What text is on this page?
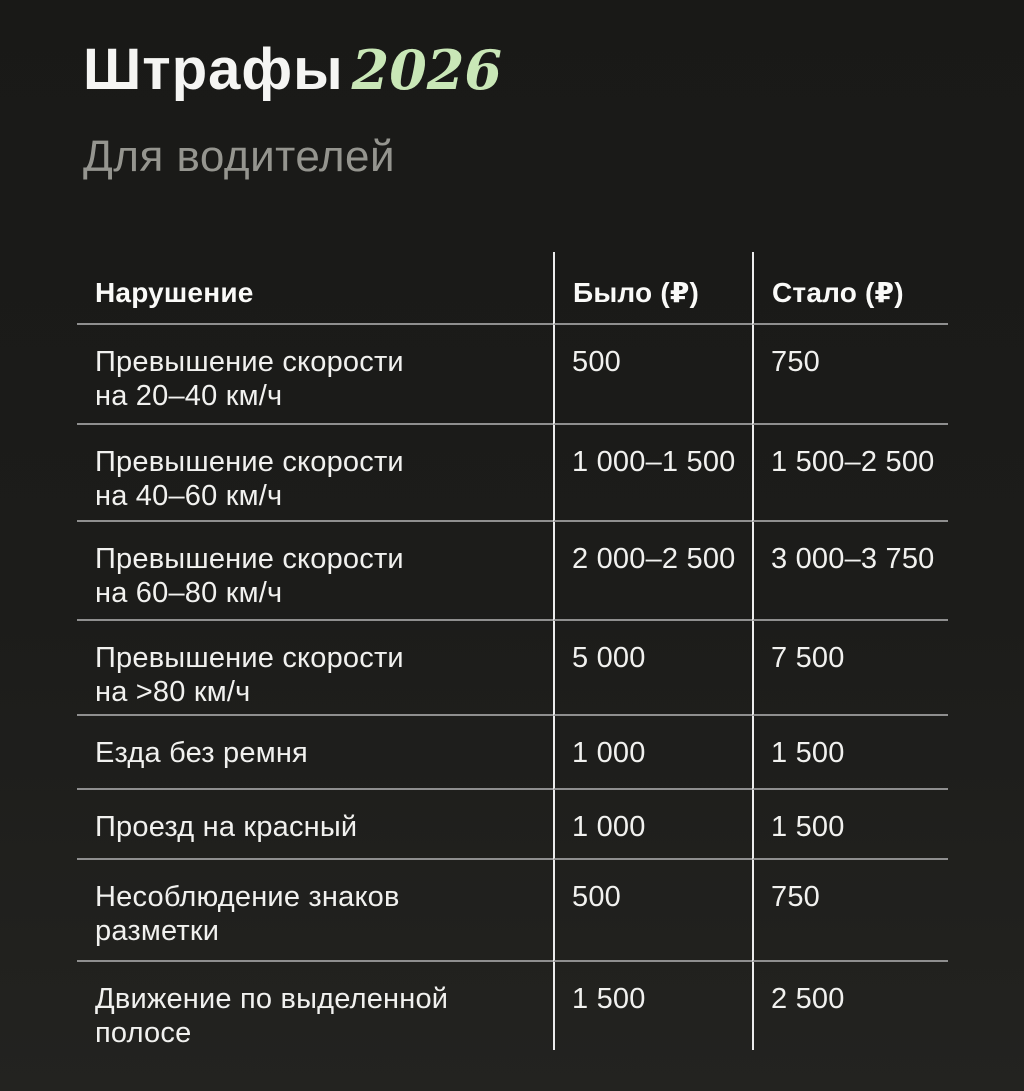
Штрафы 2026
Для водителей
Нарушение	Было (₽)	Стало (₽)
Превышение скорости
на 20–40 км/ч
500	750
Превышение скорости
на 40–60 км/ч
1 000–1 500	1 500–2 500
Превышение скорости
на 60–80 км/ч
2 000–2 500	3 000–3 750
Превышение скорости
на >80 км/ч
5 000	7 500
Езда без ремня	1 000	1 500
Проезд на красный	1 000	1 500
Несоблюдение знаков
разметки
500	750
Движение по выделенной
полосе
1 500	2 500
